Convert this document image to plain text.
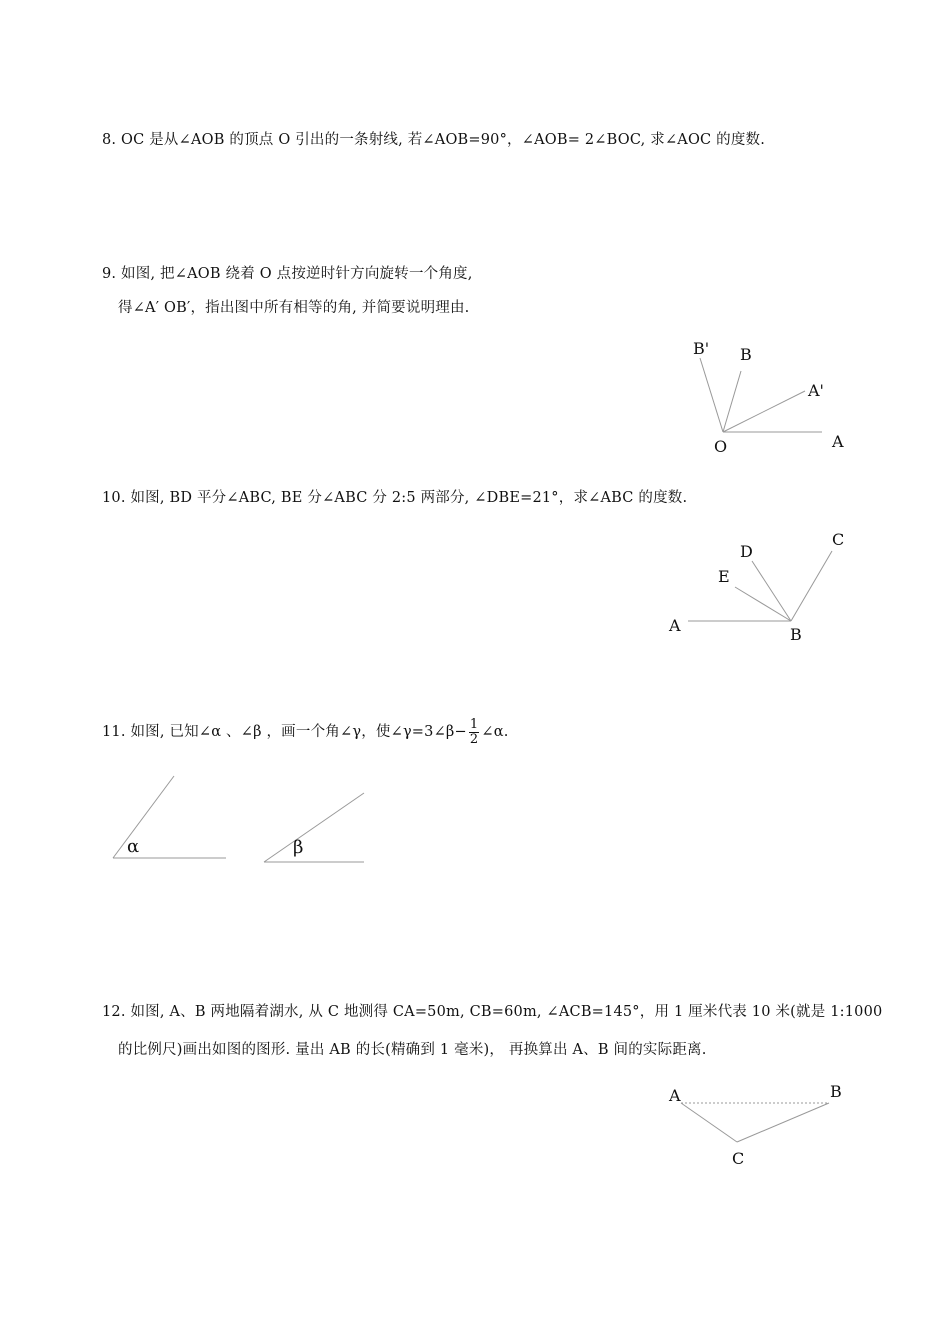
8. OC 是从∠AOB 的顶点 O 引出的一条射线, 若∠AOB=90°，∠AOB= 2∠BOC, 求∠AOC 的度数.
9. 如图, 把∠AOB 绕着 O 点按逆时针方向旋转一个角度,
得∠A′ OB′，指出图中所有相等的角, 并简要说明理由.
10. 如图, BD 平分∠ABC, BE 分∠ABC 分 2:5 两部分, ∠DBE=21°，求∠ABC 的度数.
11. 如图, 已知∠α 、∠β ，画一个角∠γ，使∠γ=3∠β− $\frac{1}{2}$ ∠α.
12. 如图, A、B 两地隔着湖水, 从 C 地测得 CA=50m, CB=60m, ∠ACB=145°，用 1 厘米代表 10 米(就是 1:1000
的比例尺)画出如图的图形. 量出 AB 的长(精确到 1 毫米)， 再换算出 A、B 间的实际距离.
B' B
A'
O	A
C
D
E
A	B
α	β
A	B
C
